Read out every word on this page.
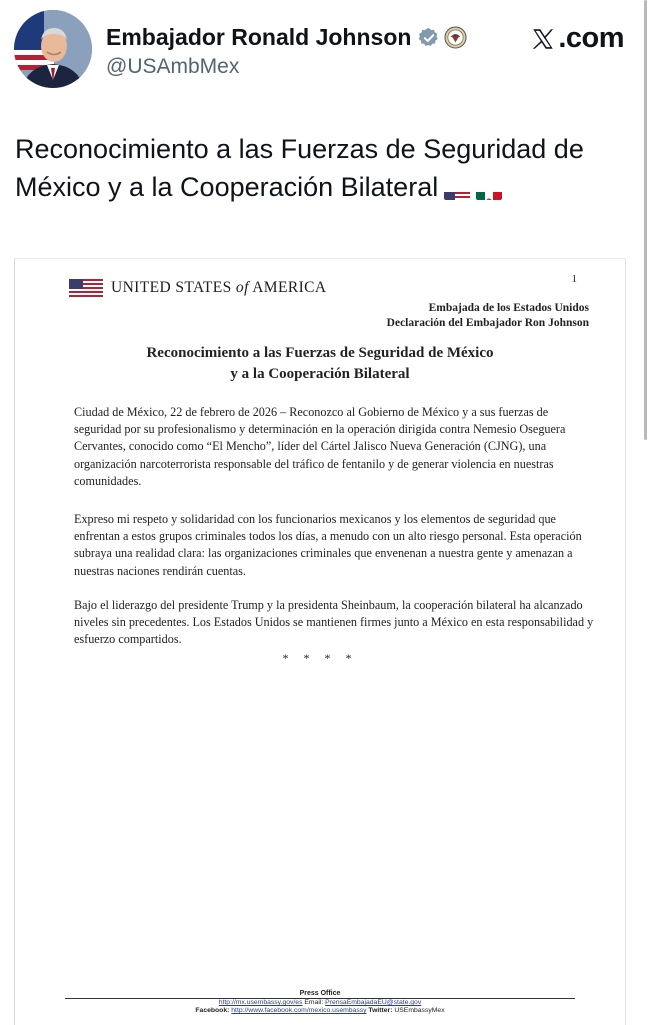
Embajador Ronald Johnson
@USAmbMex
.com
Reconocimiento a las Fuerzas de Seguridad de México y a la Cooperación Bilateral
UNITED STATES of AMERICA	1
Embajada de los Estados Unidos
Declaración del Embajador Ron Johnson
Reconocimiento a las Fuerzas de Seguridad de México
y a la Cooperación Bilateral
Ciudad de México, 22 de febrero de 2026 – Reconozco al Gobierno de México y a sus fuerzas de seguridad por su profesionalismo y determinación en la operación dirigida contra Nemesio Oseguera Cervantes, conocido como “El Mencho”, líder del Cártel Jalisco Nueva Generación (CJNG), una organización narcoterrorista responsable del tráfico de fentanilo y de generar violencia en nuestras comunidades.
Expreso mi respeto y solidaridad con los funcionarios mexicanos y los elementos de seguridad que enfrentan a estos grupos criminales todos los días, a menudo con un alto riesgo personal. Esta operación subraya una realidad clara: las organizaciones criminales que envenenan a nuestra gente y amenazan a nuestras naciones rendirán cuentas.
Bajo el liderazgo del presidente Trump y la presidenta Sheinbaum, la cooperación bilateral ha alcanzado niveles sin precedentes. Los Estados Unidos se mantienen firmes junto a México en esta responsabilidad y esfuerzo compartidos.
* * * *
Press Office
http://mx.usembassy.gov/es Email: PrensaEmbajadaEU@state.gov
Facebook: http://www.facebook.com/mexico.usembassy Twitter: USEmbassyMex
